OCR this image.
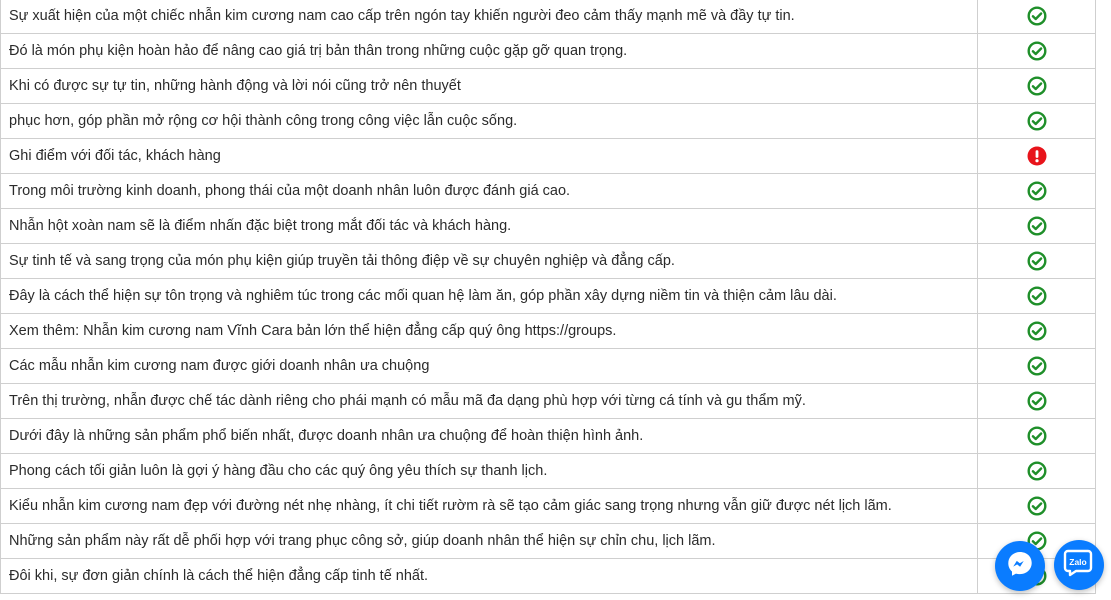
Sự xuất hiện của một chiếc nhẫn kim cương nam cao cấp trên ngón tay khiến người đeo cảm thấy mạnh mẽ và đầy tự tin.	

Đó là món phụ kiện hoàn hảo để nâng cao giá trị bản thân trong những cuộc gặp gỡ quan trọng.	

Khi có được sự tự tin, những hành động và lời nói cũng trở nên thuyết	

phục hơn, góp phần mở rộng cơ hội thành công trong công việc lẫn cuộc sống.	

Ghi điểm với đối tác, khách hàng	

Trong môi trường kinh doanh, phong thái của một doanh nhân luôn được đánh giá cao.	

Nhẫn hột xoàn nam sẽ là điểm nhấn đặc biệt trong mắt đối tác và khách hàng.	

Sự tinh tế và sang trọng của món phụ kiện giúp truyền tải thông điệp về sự chuyên nghiệp và đẳng cấp.	

Đây là cách thể hiện sự tôn trọng và nghiêm túc trong các mối quan hệ làm ăn, góp phần xây dựng niềm tin và thiện cảm lâu dài.	

Xem thêm: Nhẫn kim cương nam Vĩnh Cara bản lớn thể hiện đẳng cấp quý ông https://groups.	

Các mẫu nhẫn kim cương nam được giới doanh nhân ưa chuộng	

Trên thị trường, nhẫn được chế tác dành riêng cho phái mạnh có mẫu mã đa dạng phù hợp với từng cá tính và gu thẩm mỹ.	

Dưới đây là những sản phẩm phổ biến nhất, được doanh nhân ưa chuộng để hoàn thiện hình ảnh.	

Phong cách tối giản luôn là gợi ý hàng đầu cho các quý ông yêu thích sự thanh lịch.	

Kiểu nhẫn kim cương nam đẹp với đường nét nhẹ nhàng, ít chi tiết rườm rà sẽ tạo cảm giác sang trọng nhưng vẫn giữ được nét lịch lãm.	

Những sản phẩm này rất dễ phối hợp với trang phục công sở, giúp doanh nhân thể hiện sự chỉn chu, lịch lãm.	

Đôi khi, sự đơn giản chính là cách thể hiện đẳng cấp tinh tế nhất.	
Zalo
